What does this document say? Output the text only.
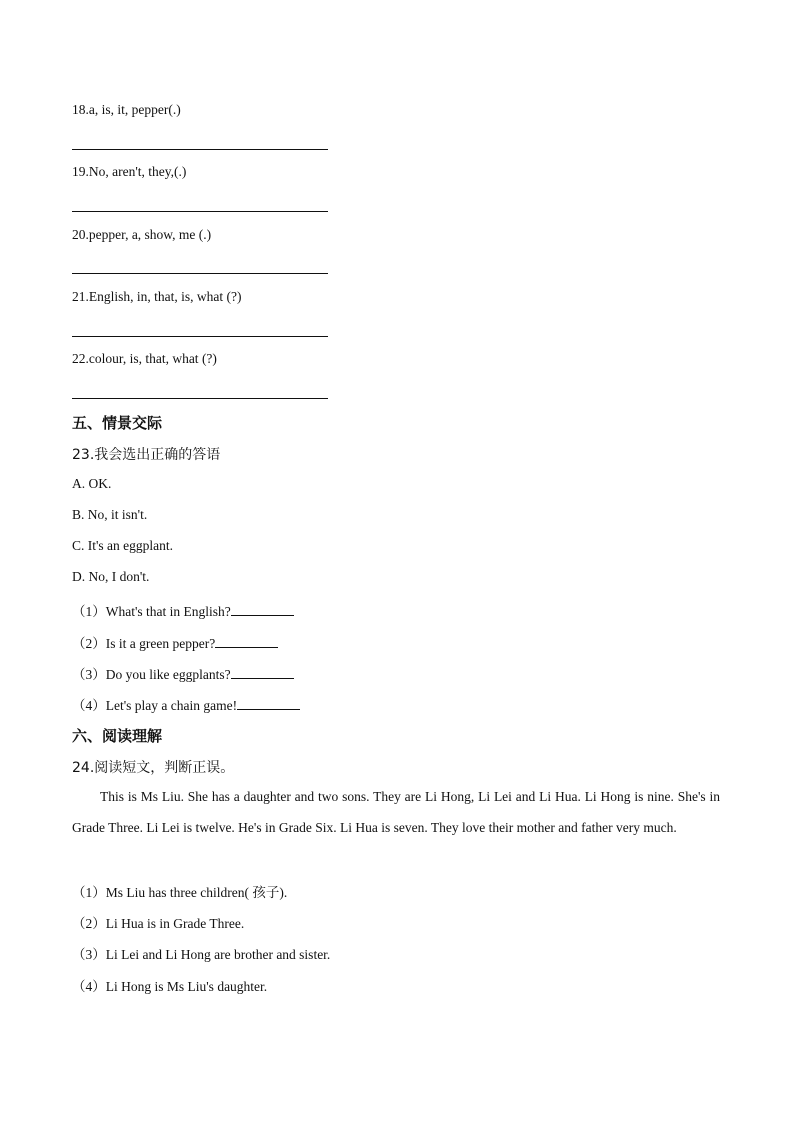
18.a, is, it, pepper(.)
19.No, aren't, they,(.)
20.pepper, a, show, me (.)
21.English, in, that, is, what (?)
22.colour, is, that, what (?)
五、情景交际
23.我会选出正确的答语
A. OK.
B. No, it isn't.
C. It's an eggplant.
D. No, I don't.
（1）What's that in English?
（2）Is it a green pepper?
（3）Do you like eggplants?
（4）Let's play a chain game!
六、阅读理解
24.阅读短文，判断正误。
This is Ms Liu. She has a daughter and two sons. They are Li Hong, Li Lei and Li Hua. Li Hong is nine. She's in Grade Three. Li Lei is twelve. He's in Grade Six. Li Hua is seven. They love their mother and father very much.
（1）Ms Liu has three children( 孩子).
（2）Li Hua is in Grade Three.
（3）Li Lei and Li Hong are brother and sister.
（4）Li Hong is Ms Liu's daughter.
